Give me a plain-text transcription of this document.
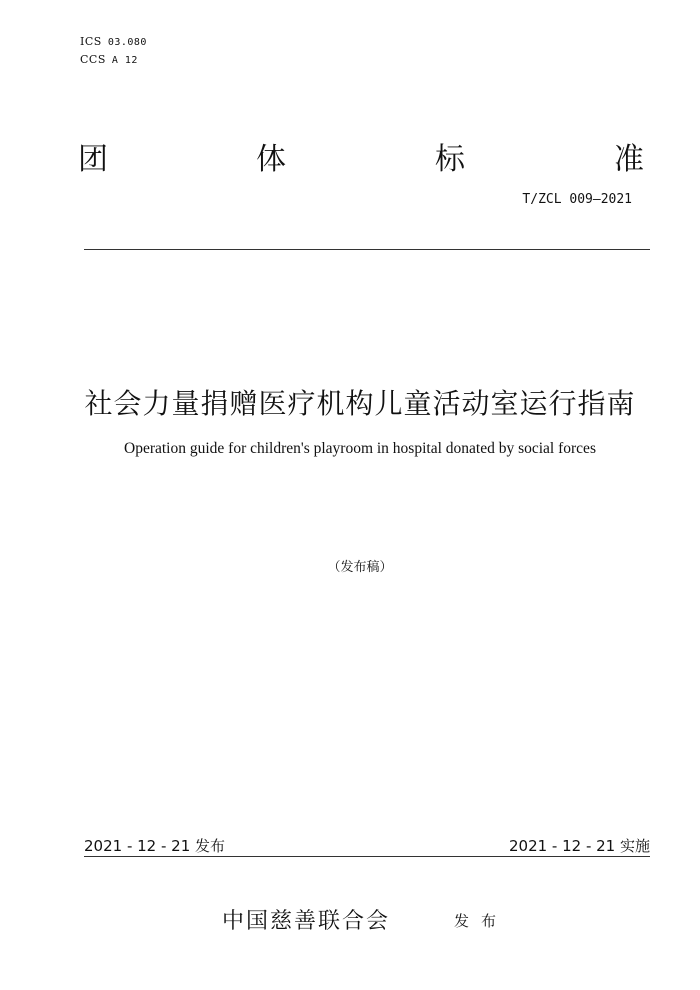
ICS 03.080
CCS A 12
团	体	标	准
T/ZCL 009—2021
社会力量捐赠医疗机构儿童活动室运行指南
Operation guide for children's playroom in hospital donated by social forces
（发布稿）
2021 - 12 - 21 发布	2021 - 12 - 21 实施
中国慈善联合会	发布
